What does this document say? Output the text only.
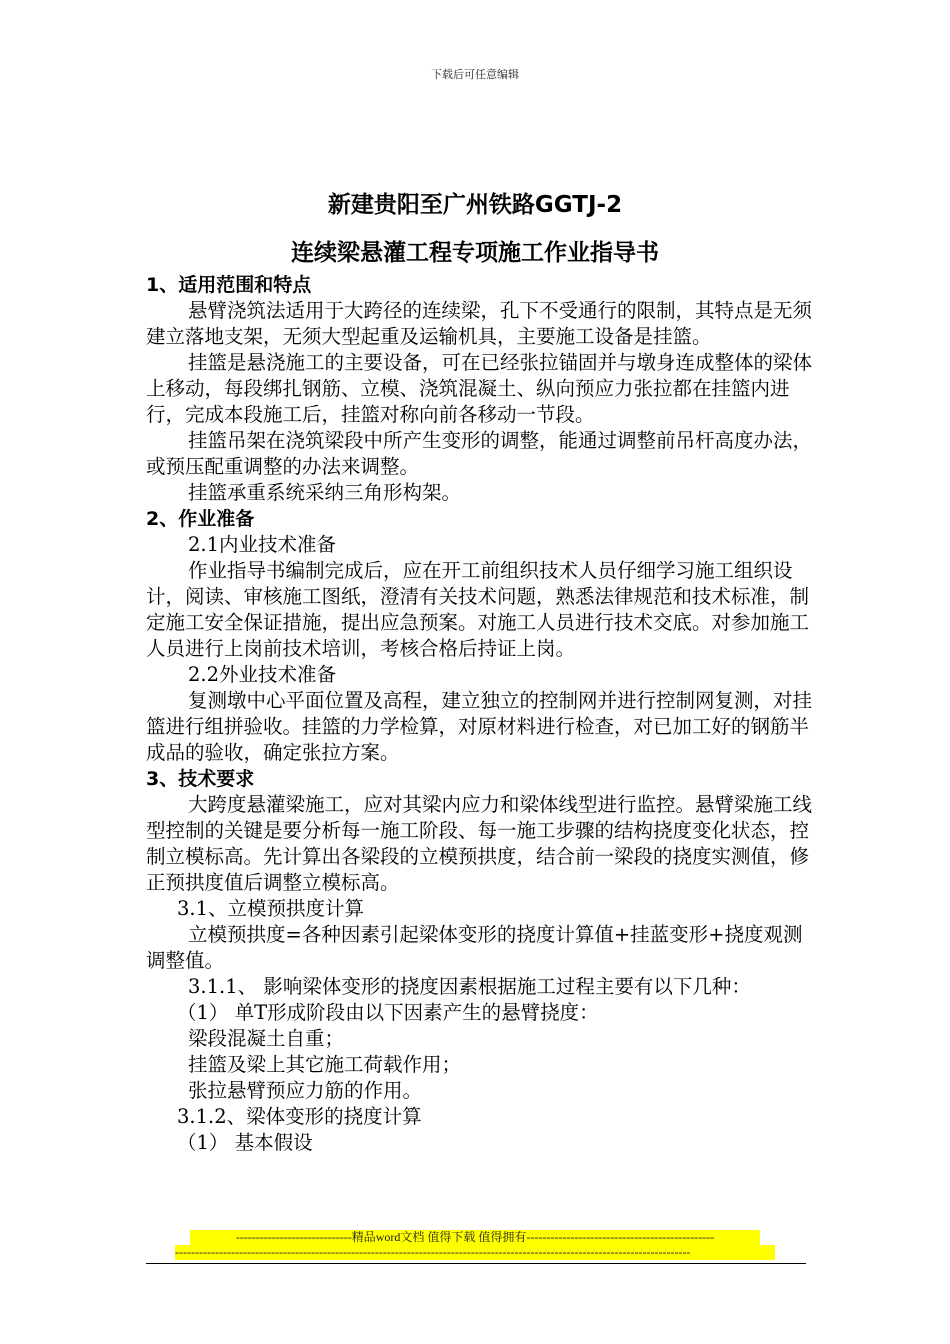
下载后可任意编辑
新建贵阳至广州铁路GGTJ-2
连续梁悬灌工程专项施工作业指导书

1、适用范围和特点

悬臂浇筑法适用于大跨径的连续梁，孔下不受通行的限制，其特点是无须建立落地支架，无须大型起重及运输机具，主要施工设备是挂篮。

挂篮是悬浇施工的主要设备，可在已经张拉锚固并与墩身连成整体的梁体上移动，每段绑扎钢筋、立模、浇筑混凝土、纵向预应力张拉都在挂篮内进行，完成本段施工后，挂篮对称向前各移动一节段。

挂篮吊架在浇筑梁段中所产生变形的调整，能通过调整前吊杆高度办法，或预压配重调整的办法来调整。

挂篮承重系统采纳三角形构架。

2、作业准备

2.1内业技术准备

作业指导书编制完成后，应在开工前组织技术人员仔细学习施工组织设计，阅读、审核施工图纸，澄清有关技术问题，熟悉法律规范和技术标准，制定施工安全保证措施，提出应急预案。对施工人员进行技术交底。对参加施工人员进行上岗前技术培训，考核合格后持证上岗。

2.2外业技术准备

复测墩中心平面位置及高程，建立独立的控制网并进行控制网复测，对挂篮进行组拼验收。挂篮的力学检算，对原材料进行检查，对已加工好的钢筋半成品的验收，确定张拉方案。

3、技术要求

大跨度悬灌梁施工，应对其梁内应力和梁体线型进行监控。悬臂梁施工线型控制的关键是要分析每一施工阶段、每一施工步骤的结构挠度变化状态，控制立模标高。先计算出各梁段的立模预拱度，结合前一梁段的挠度实测值，修正预拱度值后调整立模标高。

3.1、立模预拱度计算

立模预拱度=各种因素引起梁体变形的挠度计算值+挂蓝变形+挠度观测调整值。

3.1.1、 影响梁体变形的挠度因素根据施工过程主要有以下几种：

（1） 单T形成阶段由以下因素产生的悬臂挠度：

梁段混凝土自重；

挂篮及梁上其它施工荷载作用；

张拉悬臂预应力筋的作用。

3.1.2、梁体变形的挠度计算

（1） 基本假设

-----------------------------精品word文档 值得下载 值得拥有-----------------------------------------------
---------------------------------------------------------------------------------------------------------------------------------
